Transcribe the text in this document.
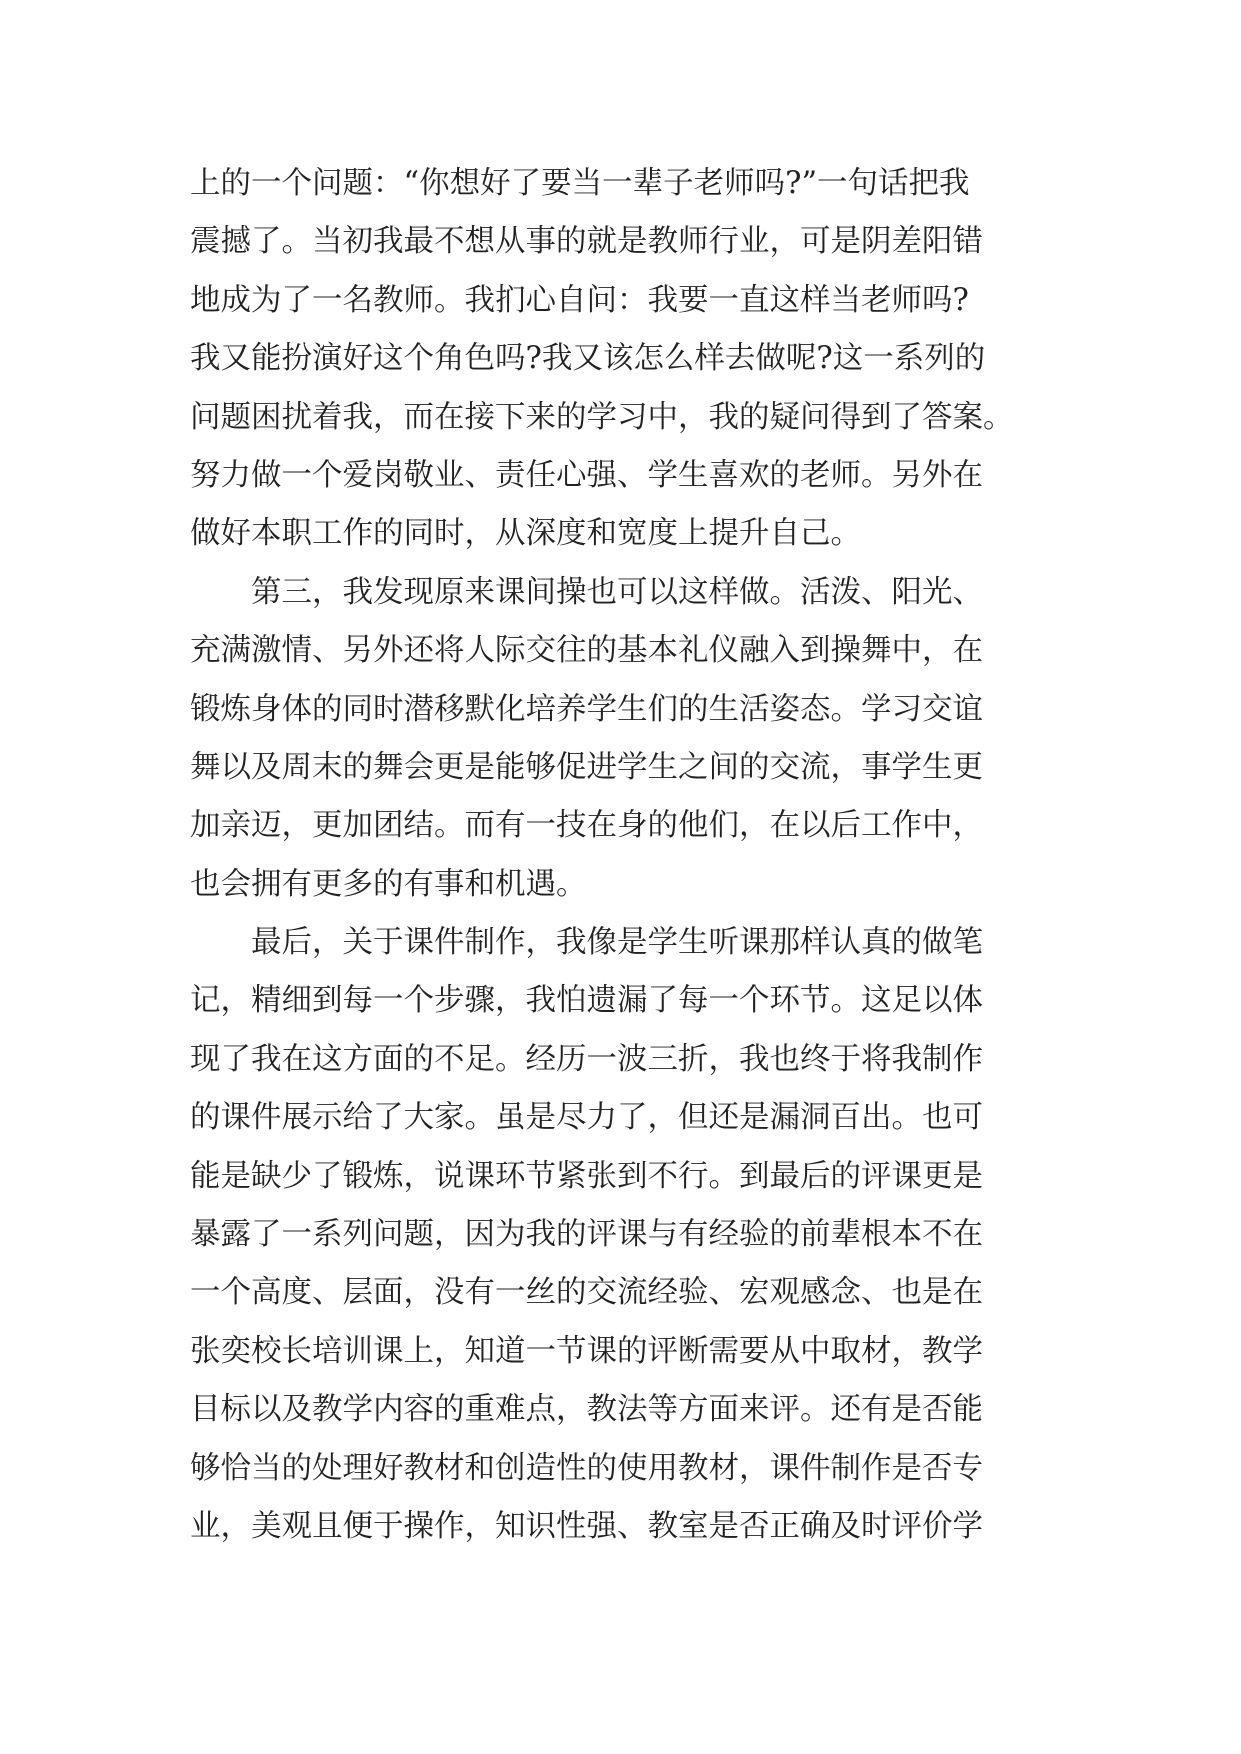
上的一个问题：“你想好了要当一辈子老师吗?”一句话把我
震撼了。当初我最不想从事的就是教师行业，可是阴差阳错
地成为了一名教师。我扪心自问：我要一直这样当老师吗?
我又能扮演好这个角色吗?我又该怎么样去做呢?这一系列的
问题困扰着我，而在接下来的学习中，我的疑问得到了答案。
努力做一个爱岗敬业、责任心强、学生喜欢的老师。另外在
做好本职工作的同时，从深度和宽度上提升自己。
　　第三，我发现原来课间操也可以这样做。活泼、阳光、
充满激情、另外还将人际交往的基本礼仪融入到操舞中，在
锻炼身体的同时潜移默化培养学生们的生活姿态。学习交谊
舞以及周末的舞会更是能够促进学生之间的交流，事学生更
加亲迈，更加团结。而有一技在身的他们，在以后工作中，
也会拥有更多的有事和机遇。
　　最后，关于课件制作，我像是学生听课那样认真的做笔
记，精细到每一个步骤，我怕遗漏了每一个环节。这足以体
现了我在这方面的不足。经历一波三折，我也终于将我制作
的课件展示给了大家。虽是尽力了，但还是漏洞百出。也可
能是缺少了锻炼，说课环节紧张到不行。到最后的评课更是
暴露了一系列问题，因为我的评课与有经验的前辈根本不在
一个高度、层面，没有一丝的交流经验、宏观感念、也是在
张奕校长培训课上，知道一节课的评断需要从中取材，教学
目标以及教学内容的重难点，教法等方面来评。还有是否能
够恰当的处理好教材和创造性的使用教材，课件制作是否专
业，美观且便于操作，知识性强、教室是否正确及时评价学
